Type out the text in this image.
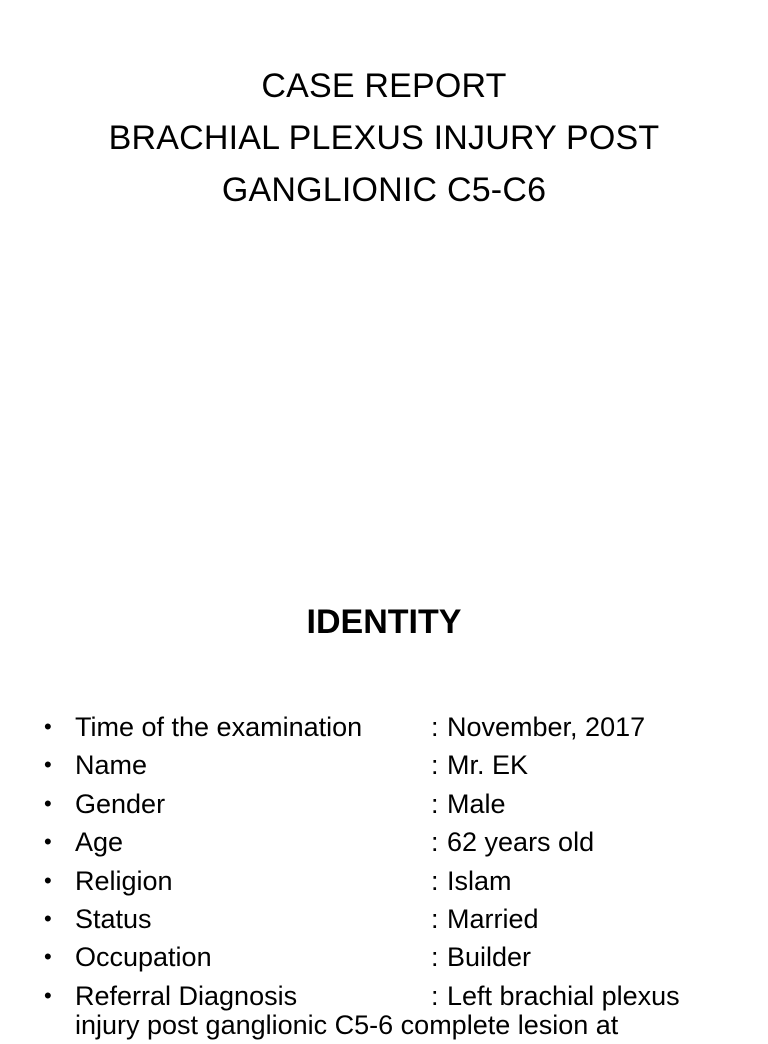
CASE REPORT
BRACHIAL PLEXUS INJURY POST
GANGLIONIC C5-C6
IDENTITY
• Time of the examination	: November, 2017
• Name	: Mr. EK
• Gender	: Male
• Age	: 62 years old
• Religion	: Islam
• Status	: Married
• Occupation	: Builder
• Referral Diagnosis	: Left brachial plexus
injury post ganglionic C5-6 complete lesion at
